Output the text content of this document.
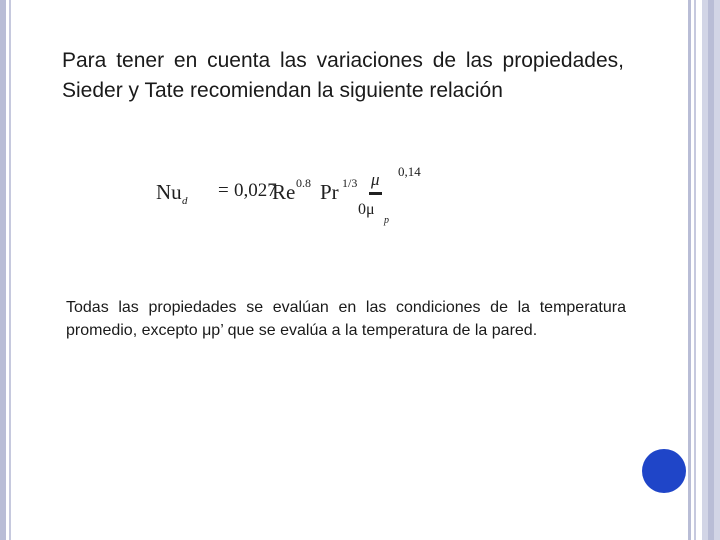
Para tener en cuenta las variaciones de las propiedades, Sieder y Tate recomiendan la siguiente relación

Nu d = 0,027
Re 0.8 Pr 1/3 μ
0μ
p
0,14

Todas las propiedades se evalúan en las condiciones de la temperatura promedio, excepto μp’ que se evalúa a la temperatura de la pared.
